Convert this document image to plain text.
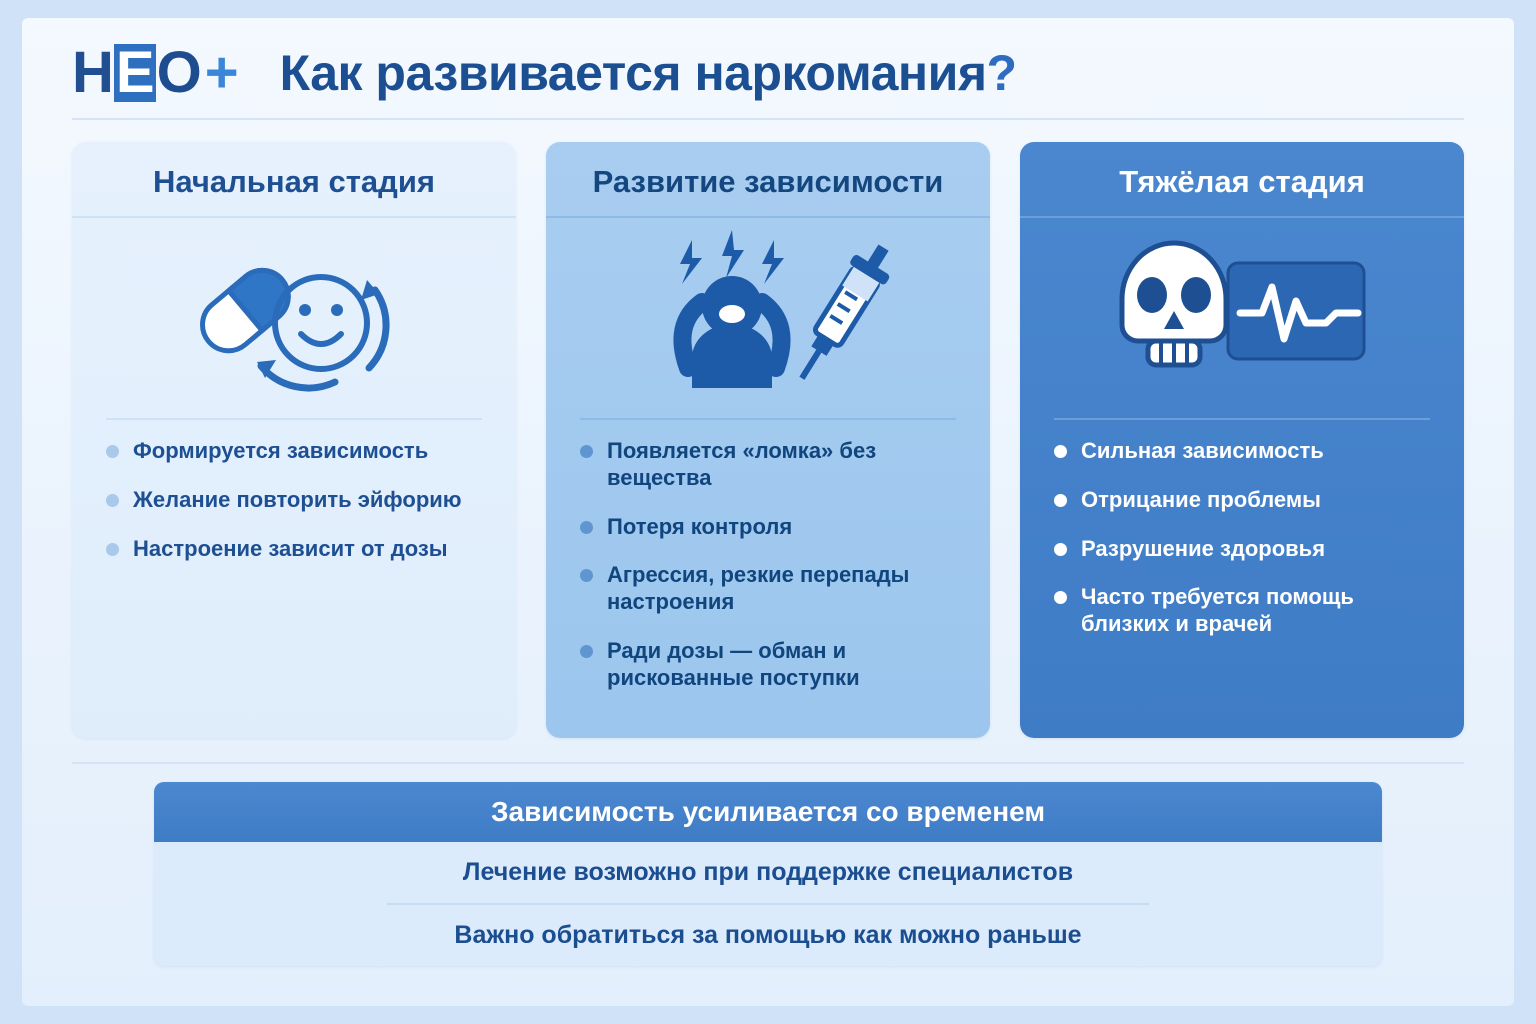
Н Е О + Как развивается наркомания?
Начальная стадия
Формируется зависимость
Желание повторить эйфорию
Настроение зависит от дозы
Развитие зависимости
Появляется «ломка» без вещества
Потеря контроля
Агрессия, резкие перепады настроения
Ради дозы — обман и рискованные поступки
Тяжёлая стадия
Сильная зависимость
Отрицание проблемы
Разрушение здоровья
Часто требуется помощь близких и врачей
Зависимость усиливается со временем
Лечение возможно при поддержке специалистов
Важно обратиться за помощью как можно раньше
